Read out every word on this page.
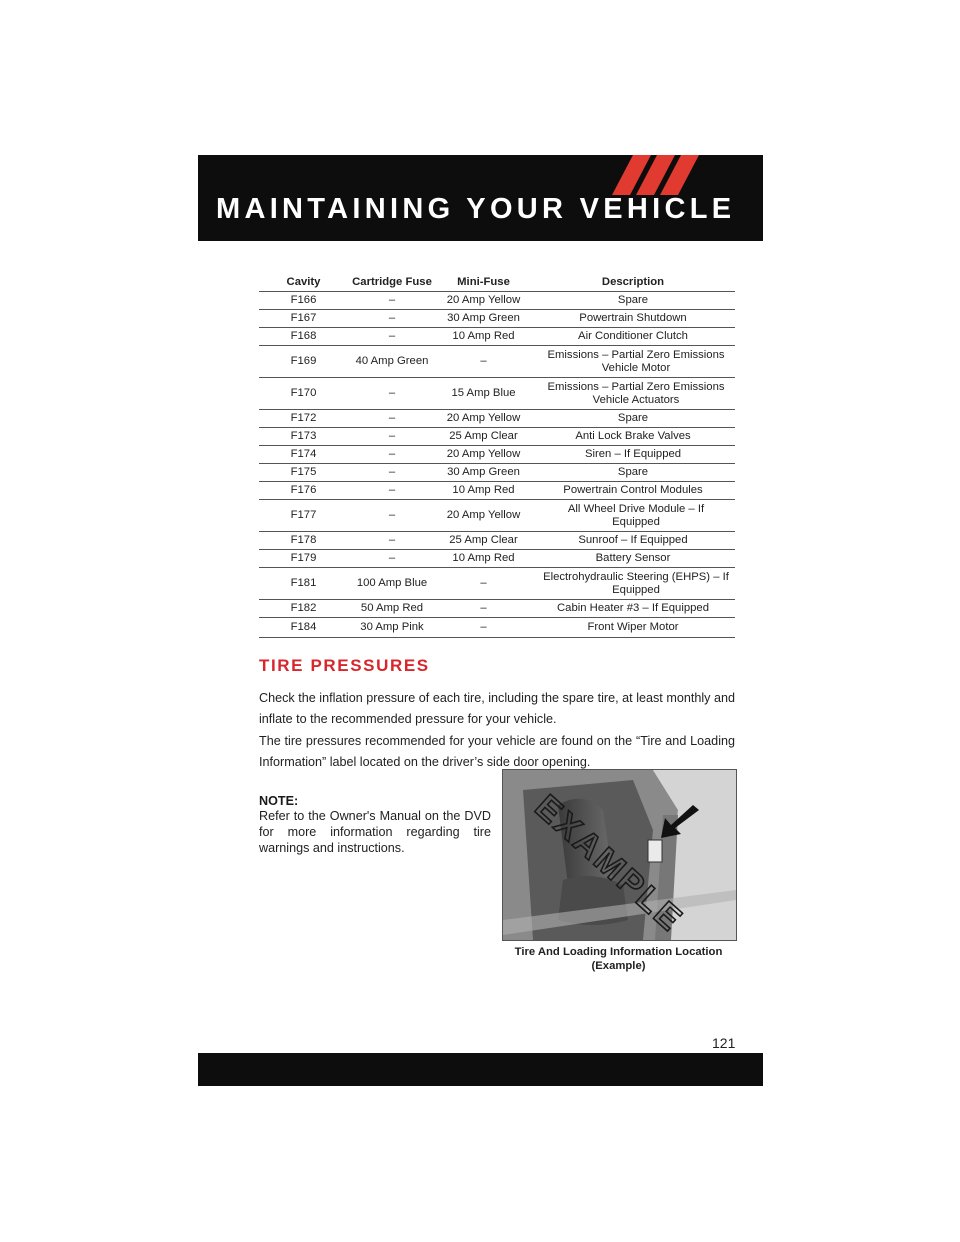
MAINTAINING YOUR VEHICLE
Cavity	Cartridge Fuse	Mini-Fuse	Description
F166	–	20 Amp Yellow	Spare
F167	–	30 Amp Green	Powertrain Shutdown
F168	–	10 Amp Red	Air Conditioner Clutch
F169	40 Amp Green	–	Emissions – Partial Zero Emissions Vehicle Motor
F170	–	15 Amp Blue	Emissions – Partial Zero Emissions Vehicle Actuators
F172	–	20 Amp Yellow	Spare
F173	–	25 Amp Clear	Anti Lock Brake Valves
F174	–	20 Amp Yellow	Siren – If Equipped
F175	–	30 Amp Green	Spare
F176	–	10 Amp Red	Powertrain Control Modules
F177	–	20 Amp Yellow	All Wheel Drive Module – If Equipped
F178	–	25 Amp Clear	Sunroof – If Equipped
F179	–	10 Amp Red	Battery Sensor
F181	100 Amp Blue	–	Electrohydraulic Steering (EHPS) – If Equipped
F182	50 Amp Red	–	Cabin Heater #3 – If Equipped
F184	30 Amp Pink	–	Front Wiper Motor
TIRE PRESSURES
Check the inflation pressure of each tire, including the spare tire, at least monthly and inflate to the recommended pressure for your vehicle.
The tire pressures recommended for your vehicle are found on the “Tire and Loading Information” label located on the driver’s side door opening.
NOTE:
Refer to the Owner's Manual on the DVD for more information regarding tire warnings and instructions.	EXAMPLE
Tire And Loading Information Location (Example)
121
